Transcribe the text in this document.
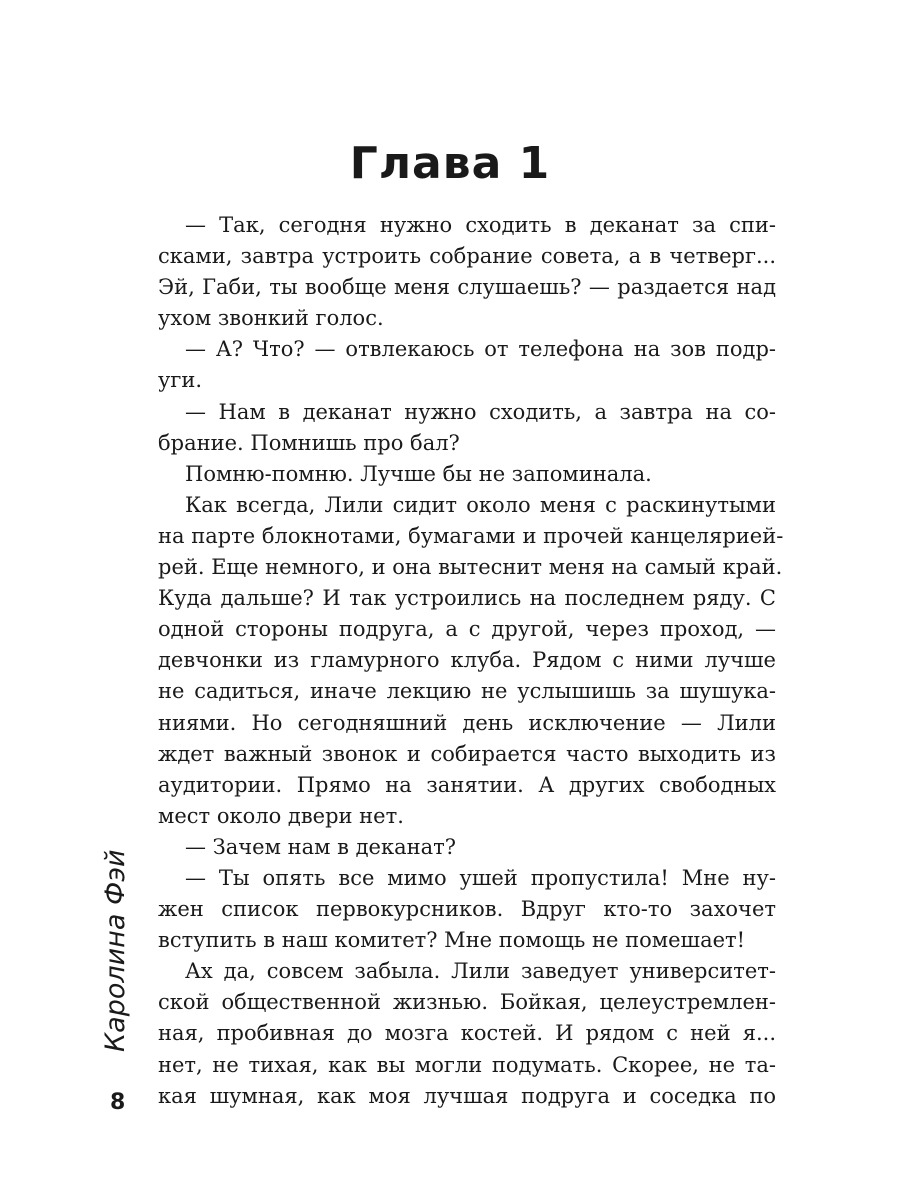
Глава 1
— Так, сегодня нужно сходить в деканат за спи-
сками, завтра устроить собрание совета, а в четверг...
Эй, Габи, ты вообще меня слушаешь? — раздается над
ухом звонкий голос.
— А? Что? — отвлекаюсь от телефона на зов подр-
уги.
— Нам в деканат нужно сходить, а завтра на со-
брание. Помнишь про бал?
Помню-помню. Лучше бы не запоминала.
Как всегда, Лили сидит около меня с раскинутыми
на парте блокнотами, бумагами и прочей канцелярией-
рей. Еще немного, и она вытеснит меня на самый край.
Куда дальше? И так устроились на последнем ряду. С
одной стороны подруга, а с другой, через проход, —
девчонки из гламурного клуба. Рядом с ними лучше
не садиться, иначе лекцию не услышишь за шушука-
ниями. Но сегодняшний день исключение — Лили
ждет важный звонок и собирается часто выходить из
аудитории. Прямо на занятии. А других свободных
мест около двери нет.
— Зачем нам в деканат?
— Ты опять все мимо ушей пропустила! Мне ну-
жен список первокурсников. Вдруг кто-то захочет
вступить в наш комитет? Мне помощь не помешает!
Ах да, совсем забыла. Лили заведует университет-
ской общественной жизнью. Бойкая, целеустремлен-
ная, пробивная до мозга костей. И рядом с ней я...
нет, не тихая, как вы могли подумать. Скорее, не та-
кая шумная, как моя лучшая подруга и соседка по
Каролина Фэй
8
